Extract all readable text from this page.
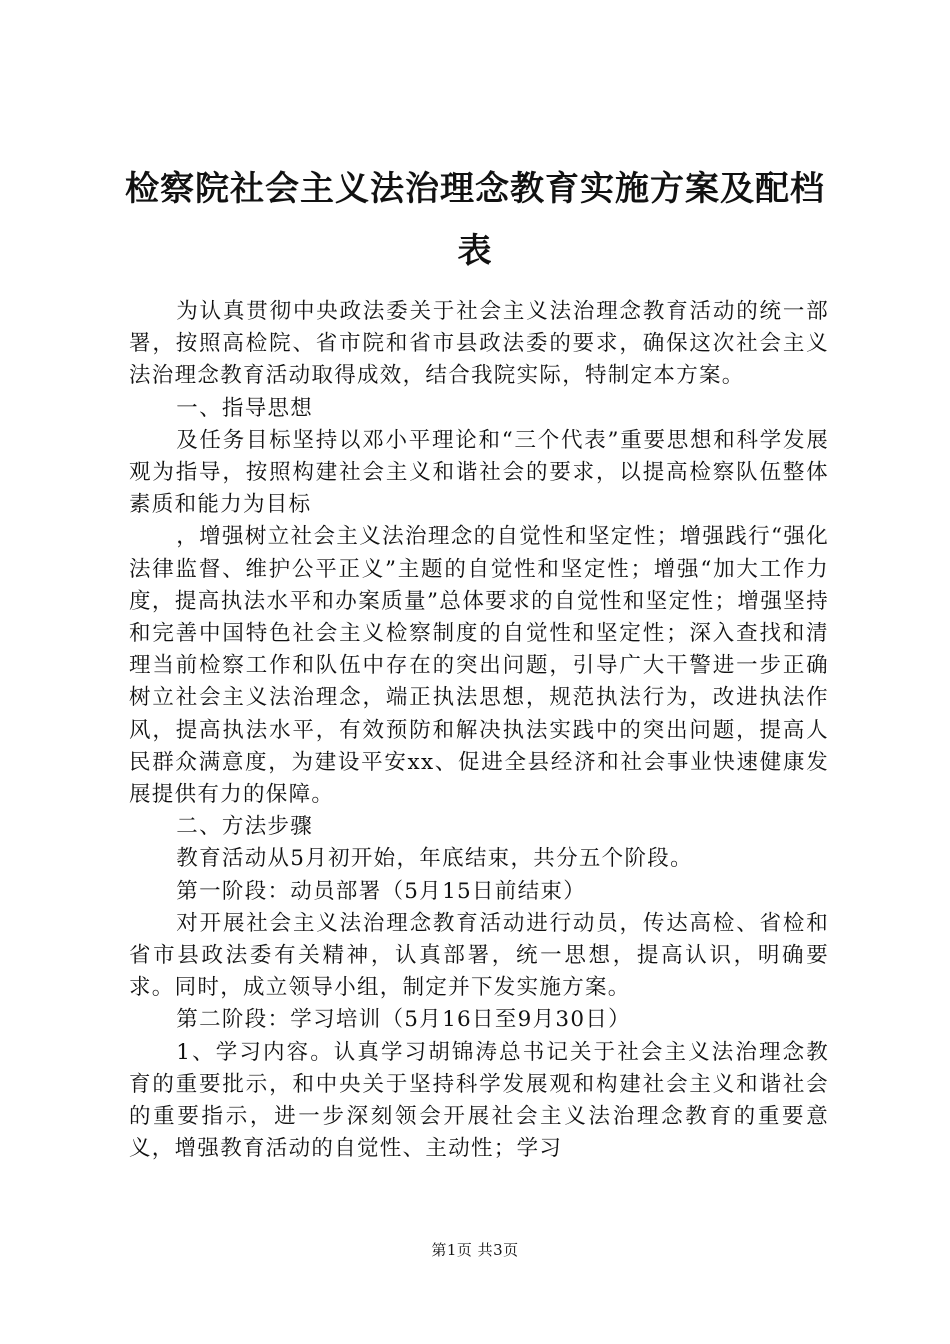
检察院社会主义法治理念教育实施方案及配档表

为认真贯彻中央政法委关于社会主义法治理念教育活动的统一部署，按照高检院、省市院和省市县政法委的要求，确保这次社会主义法治理念教育活动取得成效，结合我院实际，特制定本方案。

一、指导思想

及任务目标坚持以邓小平理论和“三个代表”重要思想和科学发展观为指导，按照构建社会主义和谐社会的要求，以提高检察队伍整体素质和能力为目标

，增强树立社会主义法治理念的自觉性和坚定性；增强践行“强化法律监督、维护公平正义”主题的自觉性和坚定性；增强“加大工作力度，提高执法水平和办案质量”总体要求的自觉性和坚定性；增强坚持和完善中国特色社会主义检察制度的自觉性和坚定性；深入查找和清理当前检察工作和队伍中存在的突出问题，引导广大干警进一步正确树立社会主义法治理念，端正执法思想，规范执法行为，改进执法作风，提高执法水平，有效预防和解决执法实践中的突出问题，提高人民群众满意度，为建设平安xx、促进全县经济和社会事业快速健康发展提供有力的保障。

二、方法步骤

教育活动从5月初开始，年底结束，共分五个阶段。

第一阶段：动员部署（5月15日前结束）

对开展社会主义法治理念教育活动进行动员，传达高检、省检和省市县政法委有关精神，认真部署，统一思想，提高认识，明确要求。同时，成立领导小组，制定并下发实施方案。

第二阶段：学习培训（5月16日至9月30日）

1、学习内容。认真学习胡锦涛总书记关于社会主义法治理念教育的重要批示，和中央关于坚持科学发展观和构建社会主义和谐社会的重要指示，进一步深刻领会开展社会主义法治理念教育的重要意义，增强教育活动的自觉性、主动性；学习

第1页 共3页
